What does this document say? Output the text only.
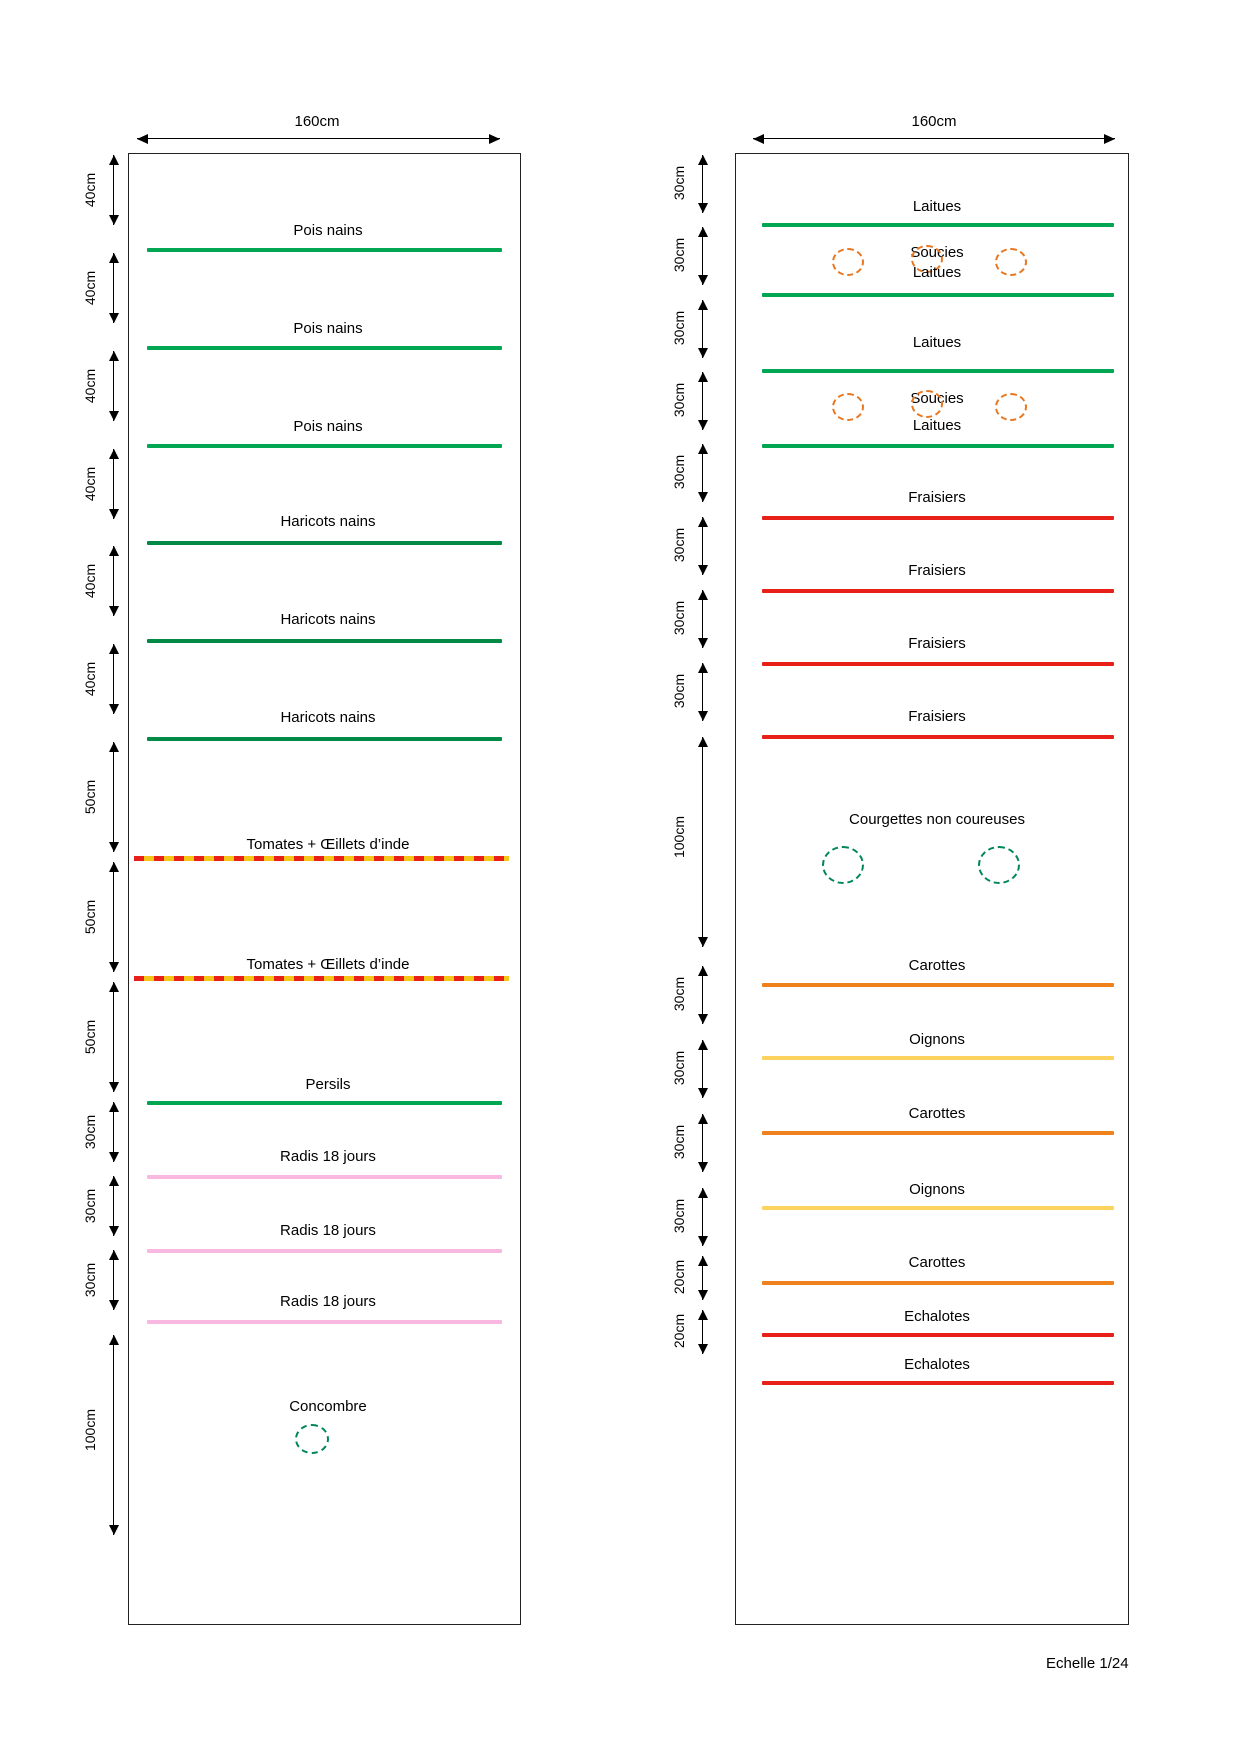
160cm
40cm
40cm
40cm
40cm
40cm
40cm
50cm
50cm
50cm
30cm
30cm
30cm
100cm
Pois nains
Pois nains
Pois nains
Haricots nains
Haricots nains
Haricots nains
Tomates + Œillets d’inde
Tomates + Œillets d’inde
Persils
Radis 18 jours
Radis 18 jours
Radis 18 jours
Concombre
160cm
30cm
30cm
30cm
30cm
30cm
30cm
30cm
30cm
100cm
30cm
30cm
30cm
30cm
20cm
20cm
Laitues
Soucies
Laitues
Laitues
Soucies
Laitues
Fraisiers
Fraisiers
Fraisiers
Fraisiers
Courgettes non coureuses
Carottes
Oignons
Carottes
Oignons
Carottes
Echalotes
Echalotes
Echelle 1/24
